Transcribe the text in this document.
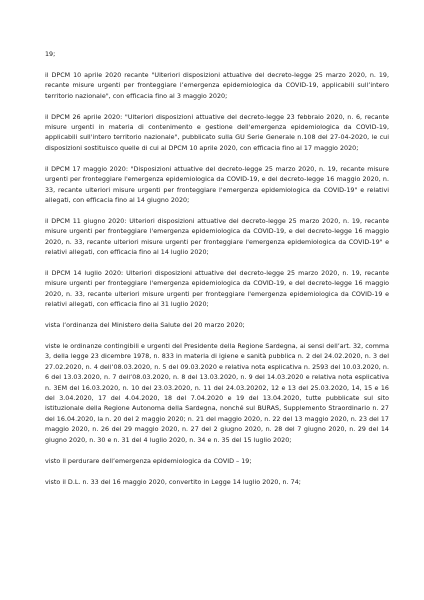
19;

il DPCM 10 aprile 2020 recante "Ulteriori disposizioni attuative del decreto-legge 25 marzo 2020, n. 19, recante misure urgenti per fronteggiare l’emergenza epidemiologica da COVID-19, applicabili sull’intero territorio nazionale", con efficacia fino al 3 maggio 2020;

il DPCM 26 aprile 2020: "Ulteriori disposizioni attuative del decreto-legge 23 febbraio 2020, n. 6, recante misure urgenti in materia di contenimento e gestione dell'emergenza epidemiologica da COVID-19, applicabili sull'intero territorio nazionale", pubblicato sulla GU Serie Generale n.108 del 27-04-2020, le cui disposizioni sostituisco quelle di cui al DPCM 10 aprile 2020, con efficacia fino al 17 maggio 2020;

il DPCM 17 maggio 2020: "Disposizioni attuative del decreto-legge 25 marzo 2020, n. 19, recante misure urgenti per fronteggiare l'emergenza epidemiologica da COVID-19, e del decreto-legge 16 maggio 2020, n. 33, recante ulteriori misure urgenti per fronteggiare l'emergenza epidemiologica da COVID-19" e relativi allegati, con efficacia fino al 14 giugno 2020;

il DPCM 11 giugno 2020: Ulteriori disposizioni attuative del decreto-legge 25 marzo 2020, n. 19, recante misure urgenti per fronteggiare l'emergenza epidemiologica da COVID-19, e del decreto-legge 16 maggio 2020, n. 33, recante ulteriori misure urgenti per fronteggiare l'emergenza epidemiologica da COVID-19" e relativi allegati, con efficacia fino al 14 luglio 2020;

il DPCM 14 luglio 2020: Ulteriori disposizioni attuative del decreto-legge 25 marzo 2020, n. 19, recante misure urgenti per fronteggiare l'emergenza epidemiologica da COVID-19, e del decreto-legge 16 maggio 2020, n. 33, recante ulteriori misure urgenti per fronteggiare l'emergenza epidemiologica da COVID-19 e relativi allegati, con efficacia fino al 31 luglio 2020;

vista l’ordinanza del Ministero della Salute del 20 marzo 2020;

viste le ordinanze contingibili e urgenti del Presidente della Regione Sardegna, ai sensi dell’art. 32, comma 3, della legge 23 dicembre 1978, n. 833 in materia di igiene e sanità pubblica n. 2 del 24.02.2020, n. 3 del 27.02.2020, n. 4 dell’08.03.2020, n. 5 del 09.03.2020 e relativa nota esplicativa n. 2593 del 10.03.2020, n. 6 del 13.03.2020, n. 7 dell’08.03.2020, n. 8 del 13.03.2020, n. 9 del 14.03.2020 e relativa nota esplicativa n. 3EM del 16.03.2020, n. 10 del 23.03.2020, n. 11 del 24.03.20202, 12 e 13 del 25.03.2020, 14, 15 e 16 del 3.04.2020, 17 del 4.04.2020, 18 del 7.04.2020 e 19 del 13.04.2020, tutte pubblicate sul sito istituzionale della Regione Autonoma della Sardegna, nonché sul BURAS, Supplemento Straordinario n. 27 del 16.04.2020, la n. 20 del 2 maggio 2020; n. 21 del maggio 2020, n. 22 del 13 maggio 2020, n. 23 del 17 maggio 2020, n. 26 del 29 maggio 2020, n. 27 del 2 giugno 2020, n. 28 del 7 giugno 2020, n. 29 del 14 giugno 2020, n. 30 e n. 31 del 4 luglio 2020, n. 34 e n. 35 del 15 luglio 2020;

visto il perdurare dell’emergenza epidemiologica da COVID – 19;

visto il D.L. n. 33 del 16 maggio 2020, convertito in Legge 14 luglio 2020, n. 74;
